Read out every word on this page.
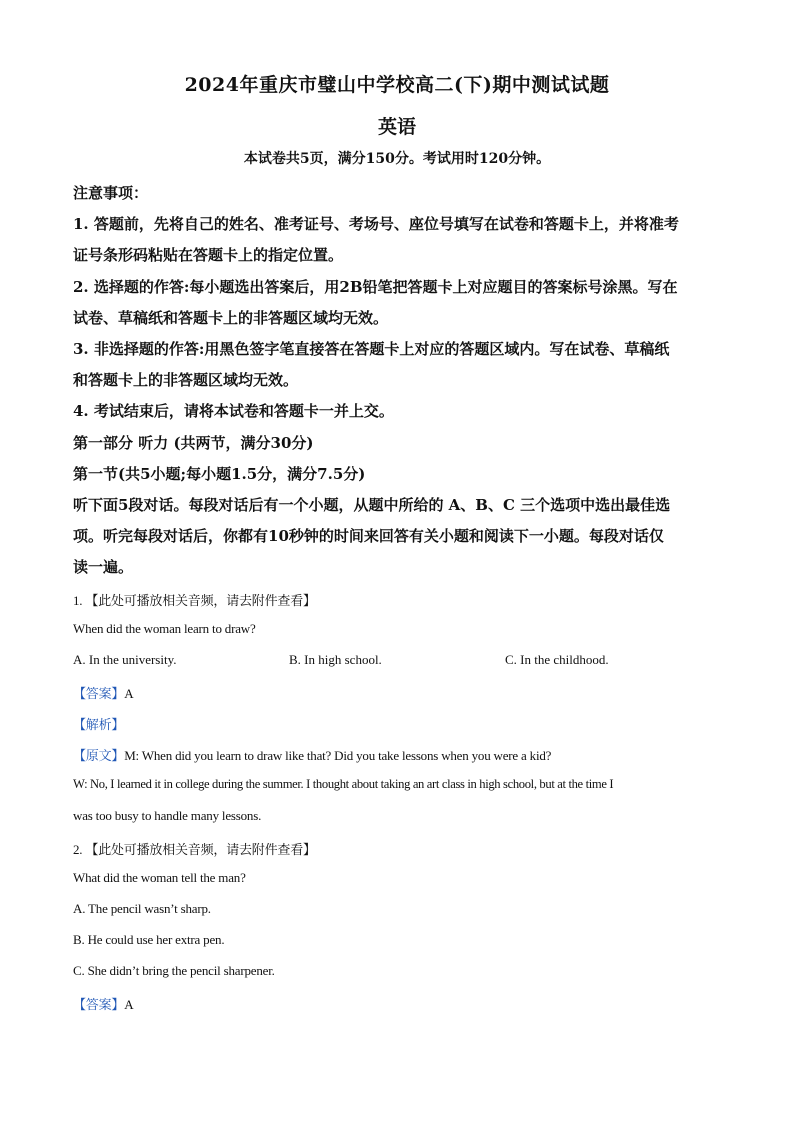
2024年重庆市璧山中学校高二(下)期中测试试题
英语
本试卷共5页，满分150分。考试用时120分钟。
注意事项：
1. 答题前，先将自己的姓名、准考证号、考场号、座位号填写在试卷和答题卡上，并将准考
证号条形码粘贴在答题卡上的指定位置。
2. 选择题的作答:每小题选出答案后，用2B铅笔把答题卡上对应题目的答案标号涂黑。写在
试卷、草稿纸和答题卡上的非答题区域均无效。
3. 非选择题的作答:用黑色签字笔直接答在答题卡上对应的答题区域内。写在试卷、草稿纸
和答题卡上的非答题区域均无效。
4. 考试结束后，请将本试卷和答题卡一并上交。
第一部分 听力 (共两节，满分30分)
第一节(共5小题;每小题1.5分，满分7.5分)
听下面5段对话。每段对话后有一个小题，从题中所给的 A、B、C 三个选项中选出最佳选
项。听完每段对话后，你都有10秒钟的时间来回答有关小题和阅读下一小题。每段对话仅
读一遍。
1. 【此处可播放相关音频，请去附件查看】
When did the woman learn to draw?
A. In the university.	B. In high school.	C. In the childhood.
【答案】A
【解析】
【原文】M: When did you learn to draw like that? Did you take lessons when you were a kid?
W: No, I learned it in college during the summer. I thought about taking an art class in high school, but at the time I
was too busy to handle many lessons.
2. 【此处可播放相关音频，请去附件查看】
What did the woman tell the man?
A. The pencil wasn’t sharp.
B. He could use her extra pen.
C. She didn’t bring the pencil sharpener.
【答案】A
